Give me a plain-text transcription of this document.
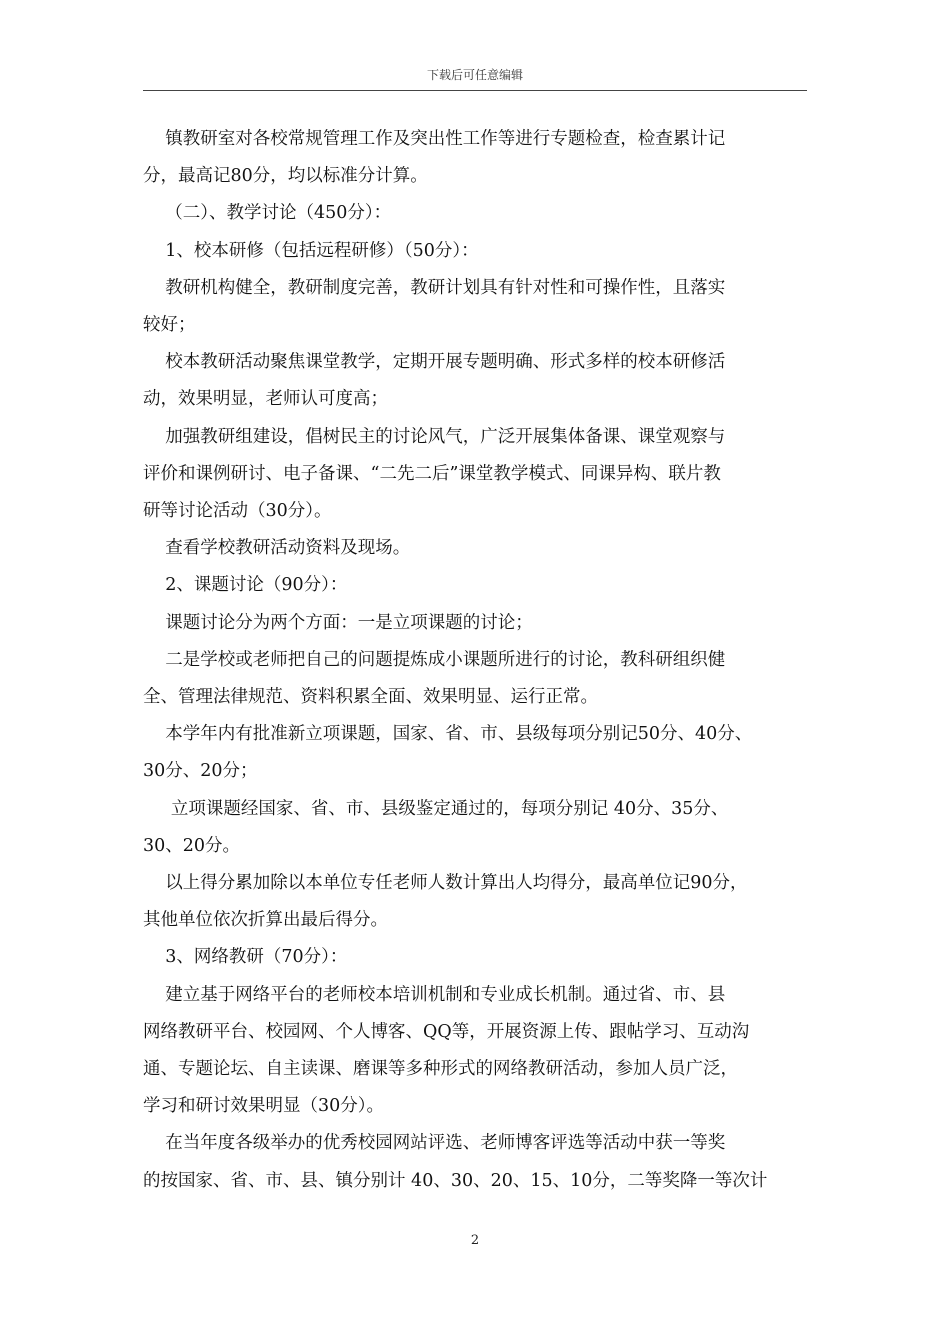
下载后可任意编辑

镇教研室对各校常规管理工作及突出性工作等进行专题检查，检查累计记

分，最高记80分，均以标准分计算。

（二）、教学讨论（450分）：

1、校本研修（包括远程研修）（50分）：

教研机构健全，教研制度完善，教研计划具有针对性和可操作性，且落实

较好；

校本教研活动聚焦课堂教学，定期开展专题明确、形式多样的校本研修活

动，效果明显，老师认可度高；

加强教研组建设，倡树民主的讨论风气，广泛开展集体备课、课堂观察与

评价和课例研讨、电子备课、“二先二后”课堂教学模式、同课异构、联片教

研等讨论活动（30分）。

查看学校教研活动资料及现场。

2、课题讨论（90分）：

课题讨论分为两个方面：一是立项课题的讨论；

二是学校或老师把自己的问题提炼成小课题所进行的讨论，教科研组织健

全、管理法律规范、资料积累全面、效果明显、运行正常。

本学年内有批准新立项课题，国家、省、市、县级每项分别记50分、40分、

30分、20分；

立项课题经国家、省、市、县级鉴定通过的，每项分别记 40分、35分、

30、20分。

以上得分累加除以本单位专任老师人数计算出人均得分，最高单位记90分，

其他单位依次折算出最后得分。

3、网络教研（70分）：

建立基于网络平台的老师校本培训机制和专业成长机制。通过省、市、县

网络教研平台、校园网、个人博客、QQ等，开展资源上传、跟帖学习、互动沟

通、专题论坛、自主读课、磨课等多种形式的网络教研活动，参加人员广泛，

学习和研讨效果明显（30分）。

在当年度各级举办的优秀校园网站评选、老师博客评选等活动中获一等奖

的按国家、省、市、县、镇分别计 40、30、20、15、10分，二等奖降一等次计

2
